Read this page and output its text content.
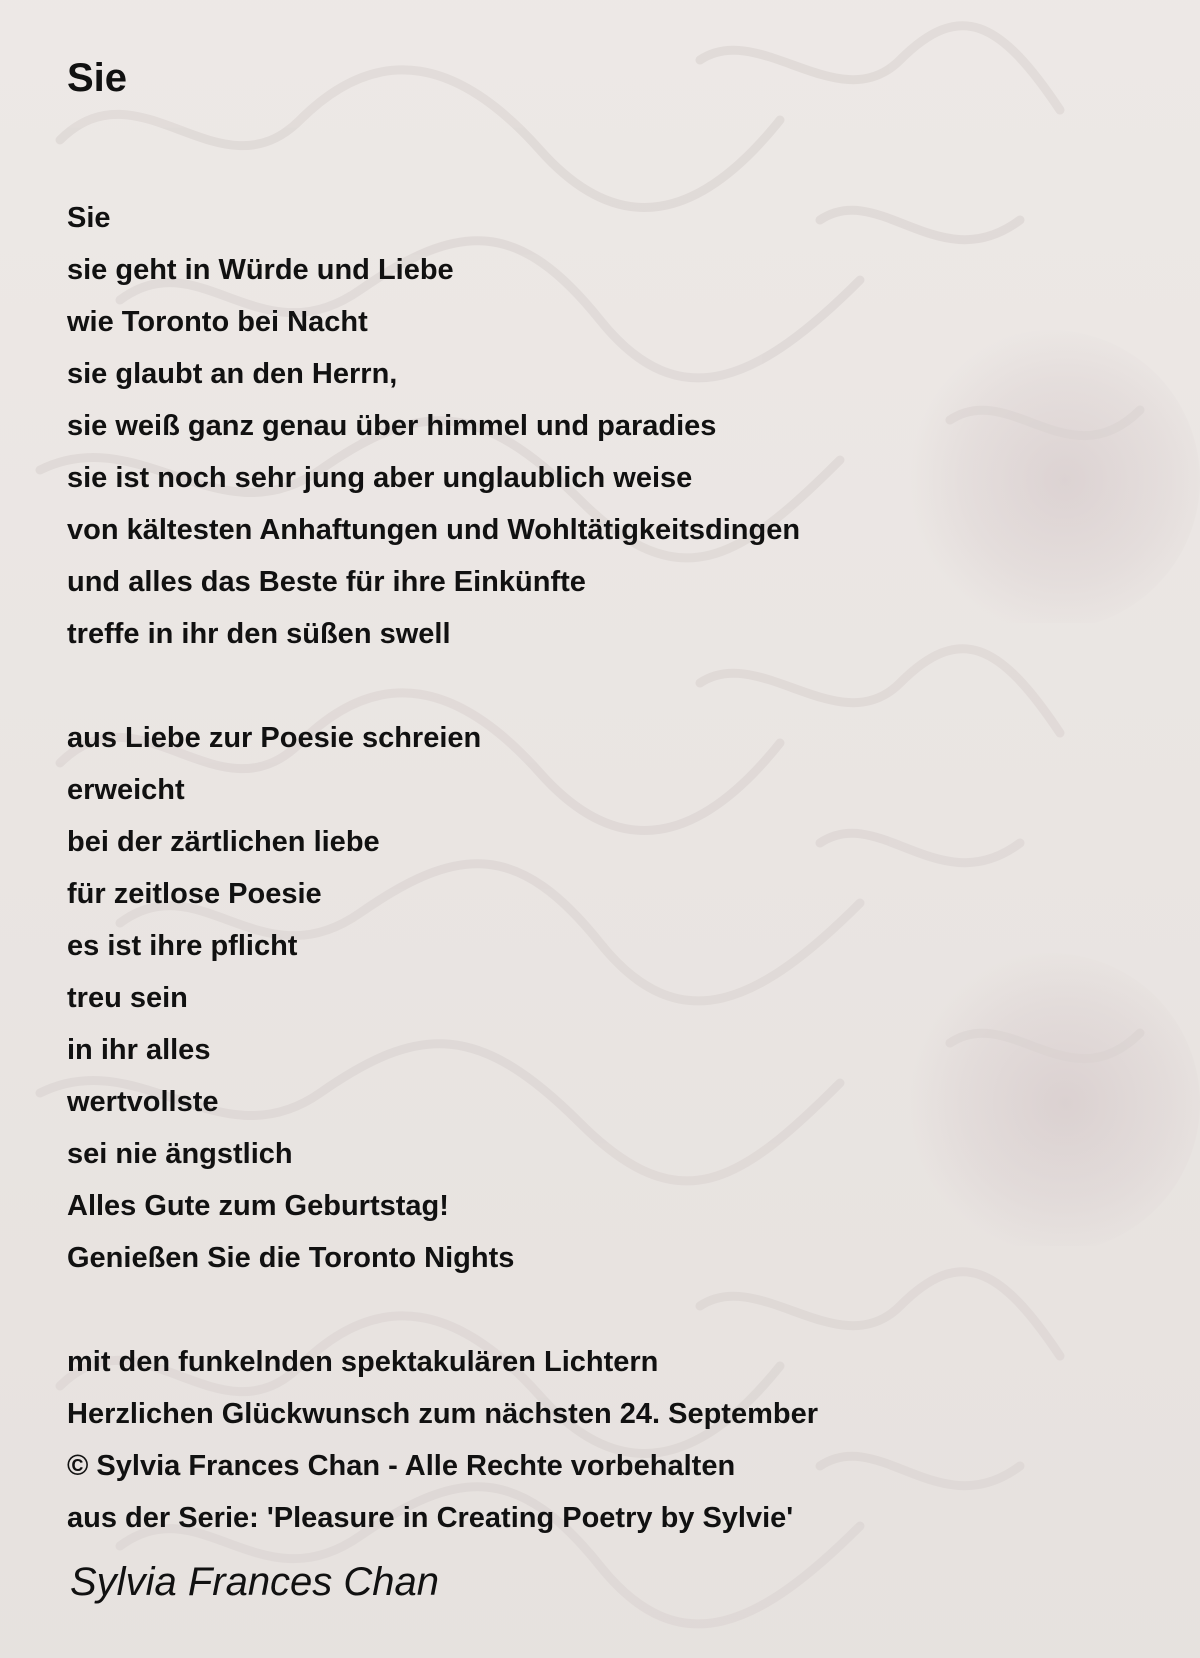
Sie
Sie
sie geht in Würde und Liebe
wie Toronto bei Nacht
sie glaubt an den Herrn,
sie weiß ganz genau über himmel und paradies
sie ist noch sehr jung aber unglaublich weise
von kältesten Anhaftungen und Wohltätigkeitsdingen
und alles das Beste für ihre Einkünfte
treffe in ihr den süßen swell
aus Liebe zur Poesie schreien
erweicht
bei der zärtlichen liebe
für zeitlose Poesie
es ist ihre pflicht
treu sein
in ihr alles
wertvollste
sei nie ängstlich
Alles Gute zum Geburtstag!
Genießen Sie die Toronto Nights
mit den funkelnden spektakulären Lichtern
Herzlichen Glückwunsch zum nächsten 24. September
© Sylvia Frances Chan - Alle Rechte vorbehalten
aus der Serie: 'Pleasure in Creating Poetry by Sylvie'
Sylvia Frances Chan
